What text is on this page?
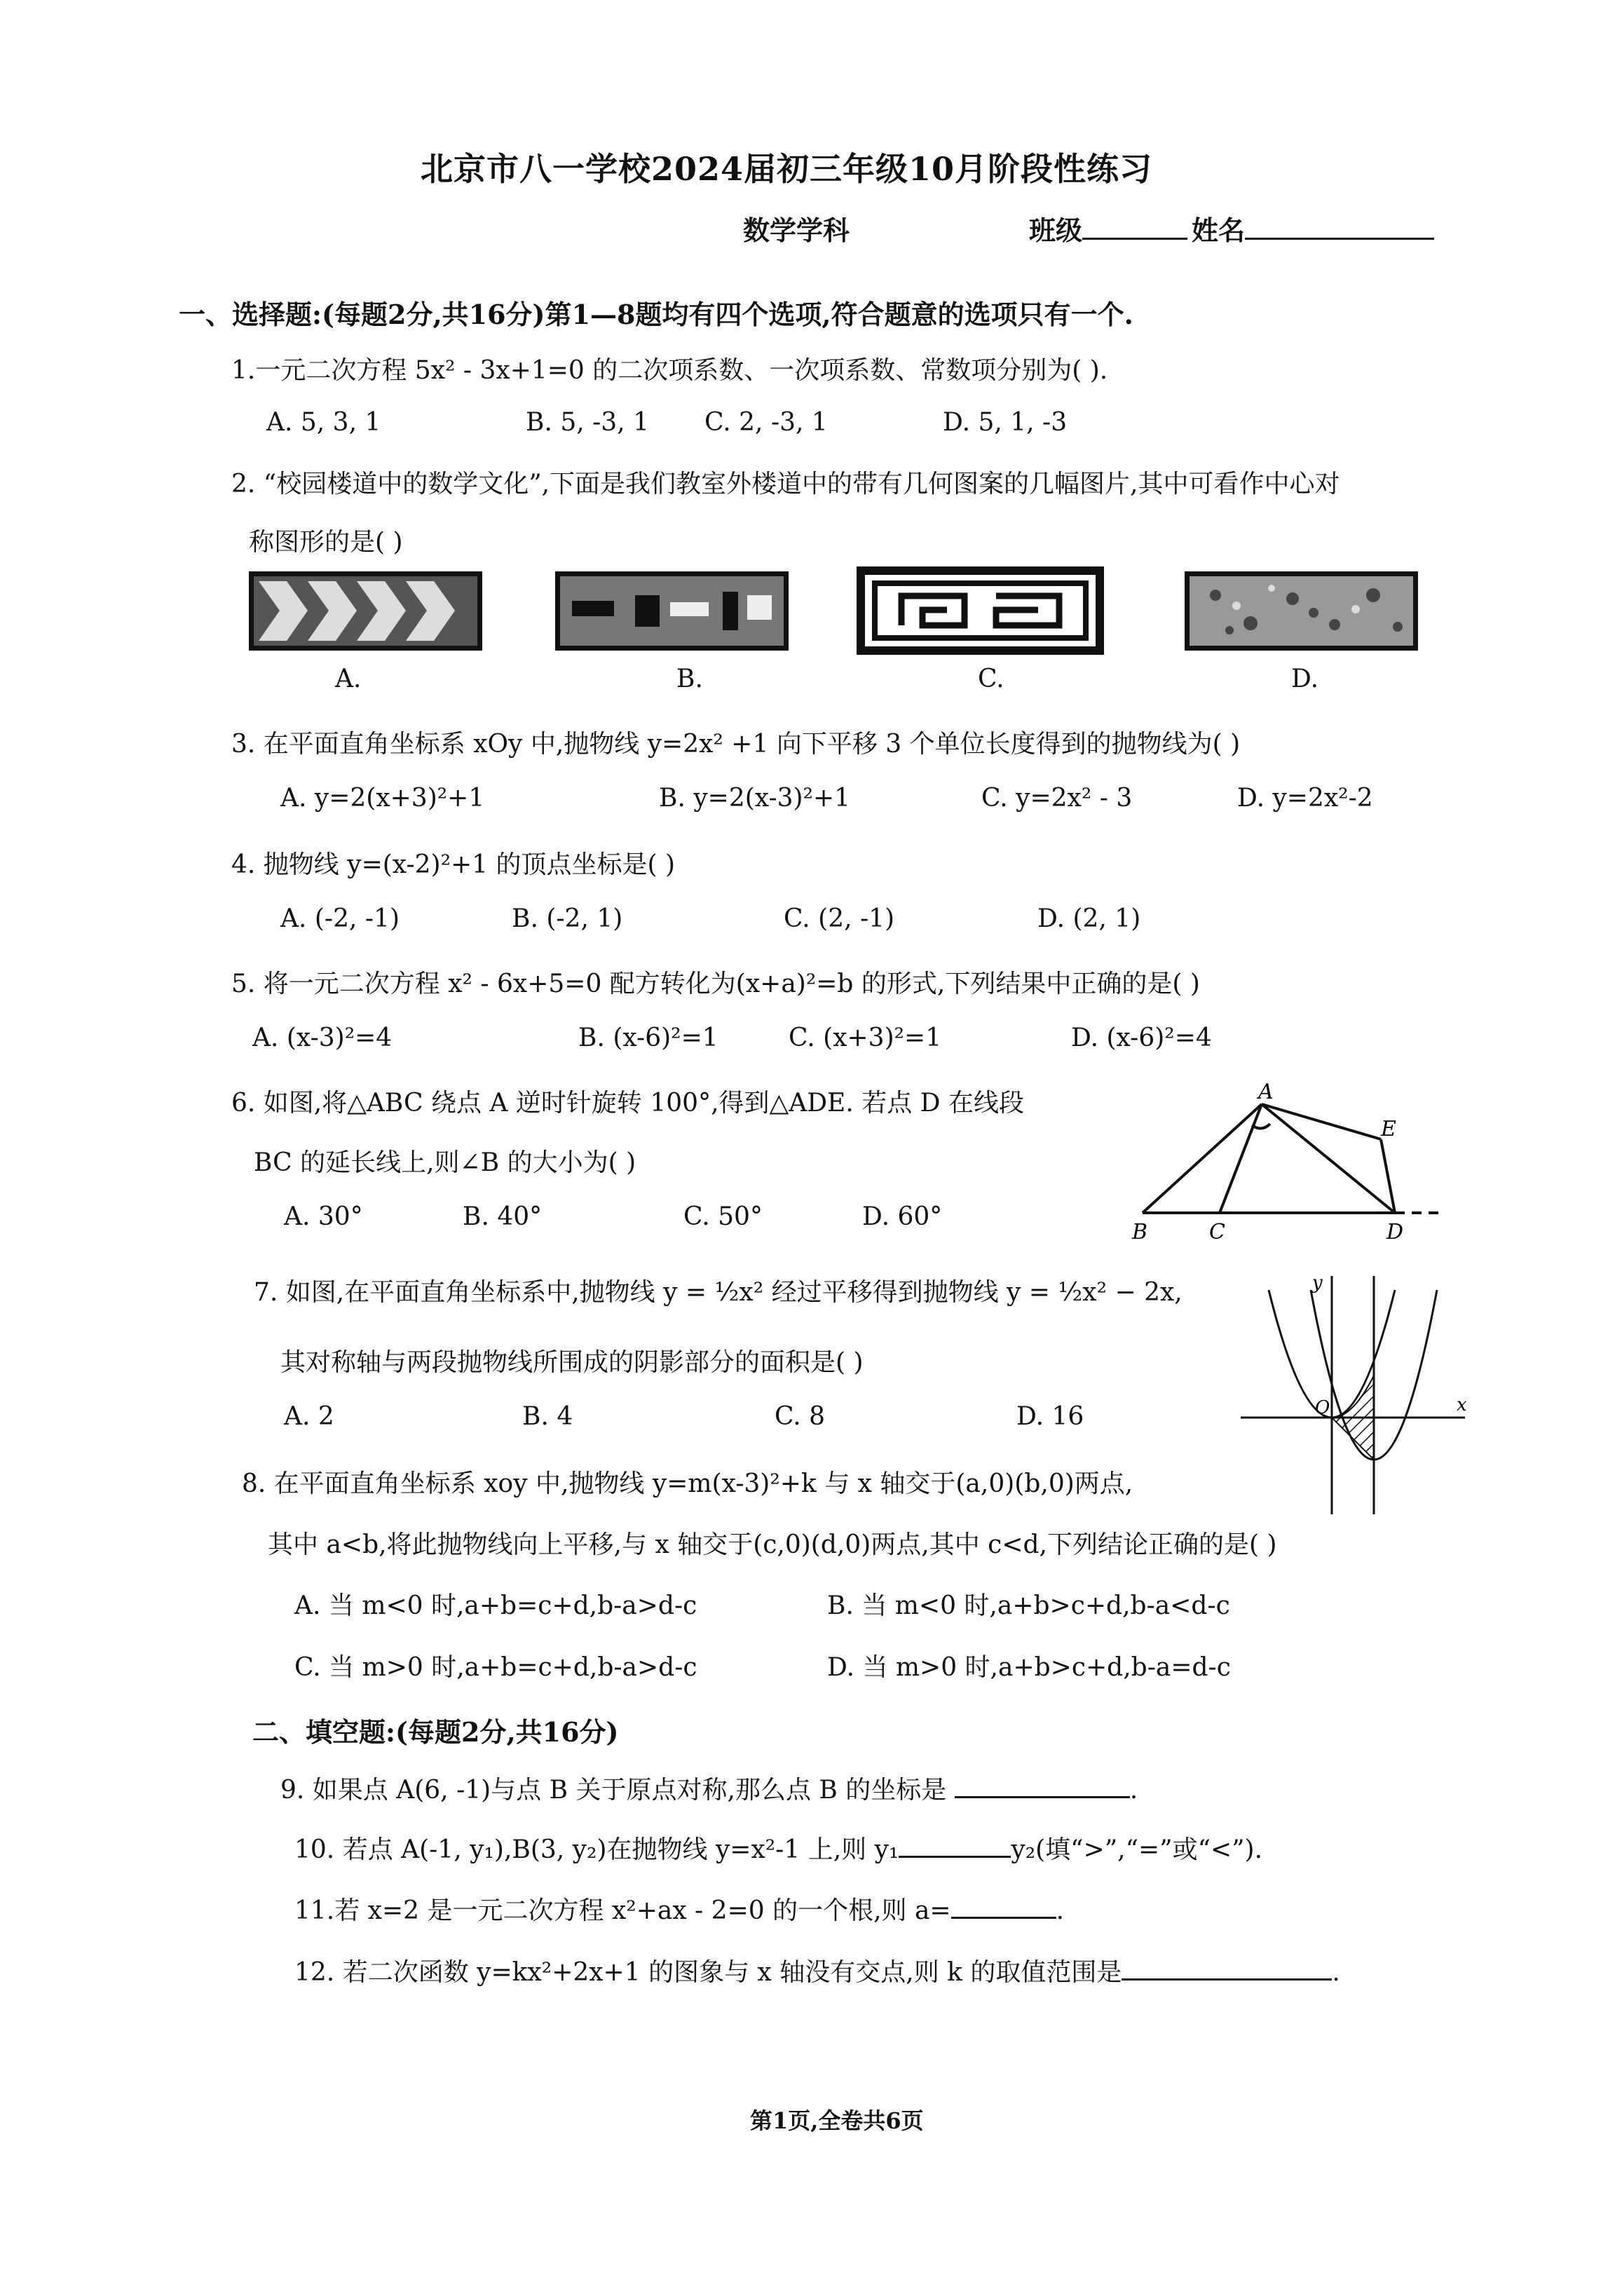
北京市八一学校2024届初三年级10月阶段性练习
数学学科	班级	姓名
一、选择题:(每题2分,共16分)第1—8题均有四个选项,符合题意的选项只有一个.
1.一元二次方程 5x² - 3x+1=0 的二次项系数、一次项系数、常数项分别为( ).
A. 5, 3, 1	B. 5, -3, 1 C. 2, -3, 1	D. 5, 1, -3
2. “校园楼道中的数学文化”,下面是我们教室外楼道中的带有几何图案的几幅图片,其中可看作中心对
称图形的是( )
A.	B.	C.	D.
3. 在平面直角坐标系 xOy 中,抛物线 y=2x² +1 向下平移 3 个单位长度得到的抛物线为( )
A. y=2(x+3)²+1	B. y=2(x-3)²+1	C. y=2x² - 3	D. y=2x²-2
4. 抛物线 y=(x-2)²+1 的顶点坐标是( )
A. (-2, -1)	B. (-2, 1)	C. (2, -1)	D. (2, 1)
5. 将一元二次方程 x² - 6x+5=0 配方转化为(x+a)²=b 的形式,下列结果中正确的是( )
A. (x-3)²=4	B. (x-6)²=1	C. (x+3)²=1	D. (x-6)²=4
6. 如图,将△ABC 绕点 A 逆时针旋转 100°,得到△ADE. 若点 D 在线段
BC 的延长线上,则∠B 的大小为( )
A. 30°	B. 40°	C. 50°	D. 60°
A
E
B	C	D
7. 如图,在平面直角坐标系中,抛物线 y = ½x² 经过平移得到抛物线 y = ½x² − 2x,
其对称轴与两段抛物线所围成的阴影部分的面积是( )
A. 2	B. 4	C. 8	D. 16
y
x
O
8. 在平面直角坐标系 xoy 中,抛物线 y=m(x-3)²+k 与 x 轴交于(a,0)(b,0)两点,
其中 a<b,将此抛物线向上平移,与 x 轴交于(c,0)(d,0)两点,其中 c<d,下列结论正确的是( )
A. 当 m<0 时,a+b=c+d,b-a>d-c	B. 当 m<0 时,a+b>c+d,b-a<d-c
C. 当 m>0 时,a+b=c+d,b-a>d-c	D. 当 m>0 时,a+b>c+d,b-a=d-c
二、填空题:(每题2分,共16分)
9. 如果点 A(6, -1)与点 B 关于原点对称,那么点 B 的坐标是	.
10. 若点 A(-1, y₁),B(3, y₂)在抛物线 y=x²-1 上,则 y₁	y₂(填“>”,“=”或“<”).
11.若 x=2 是一元二次方程 x²+ax - 2=0 的一个根,则 a=	.
12. 若二次函数 y=kx²+2x+1 的图象与 x 轴没有交点,则 k 的取值范围是	.
第1页,全卷共6页
